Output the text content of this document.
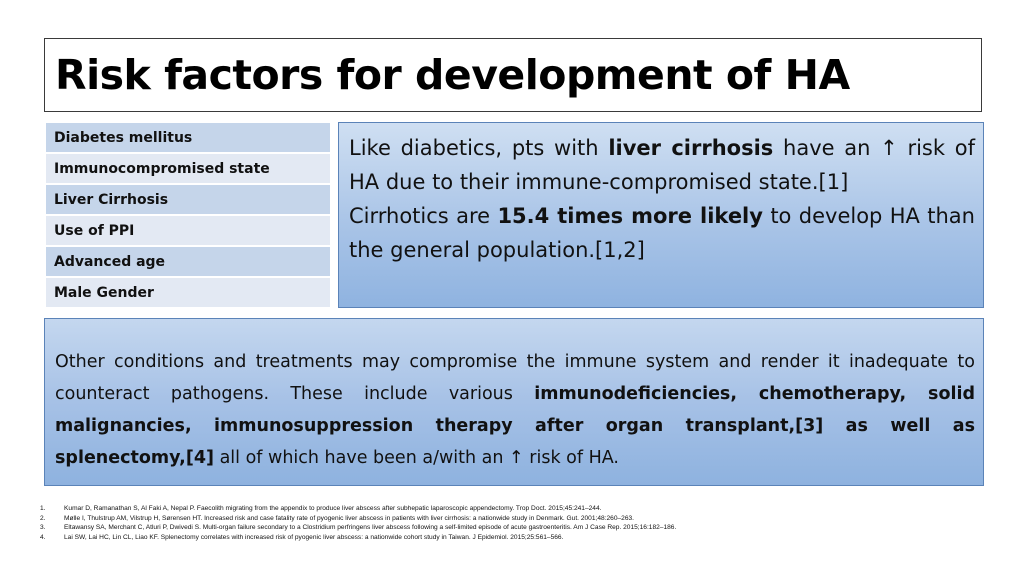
Risk factors for development of HA
Diabetes mellitus
Immunocompromised state
Liver Cirrhosis
Use of PPI
Advanced age
Male Gender

Like diabetics, pts with liver cirrhosis have an ↑ risk of HA due to their immune-compromised state.[1]

Cirrhotics are 15.4 times more likely to develop HA than the general population.[1,2]

Other conditions and treatments may compromise the immune system and render it inadequate to counteract pathogens. These include various immunodeficiencies, chemotherapy, solid malignancies, immunosuppression therapy after organ transplant,[3] as well as splenectomy,[4] all of which have been a/with an ↑ risk of HA.

1.	Kumar D, Ramanathan S, Al Faki A, Nepal P. Faecolith migrating from the appendix to produce liver abscess after subhepatic laparoscopic appendectomy. Trop Doct. 2015;45:241–244.
2.	Mølle I, Thulstrup AM, Vilstrup H, Sørensen HT. Increased risk and case fatality rate of pyogenic liver abscess in patients with liver cirrhosis: a nationwide study in Denmark. Gut. 2001;48:260–263.
3.	Eltawansy SA, Merchant C, Atluri P, Dwivedi S. Multi-organ failure secondary to a Clostridium perfringens liver abscess following a self-limited episode of acute gastroenteritis. Am J Case Rep. 2015;16:182–186.
4.	Lai SW, Lai HC, Lin CL, Liao KF. Splenectomy correlates with increased risk of pyogenic liver abscess: a nationwide cohort study in Taiwan. J Epidemiol. 2015;25:561–566.
